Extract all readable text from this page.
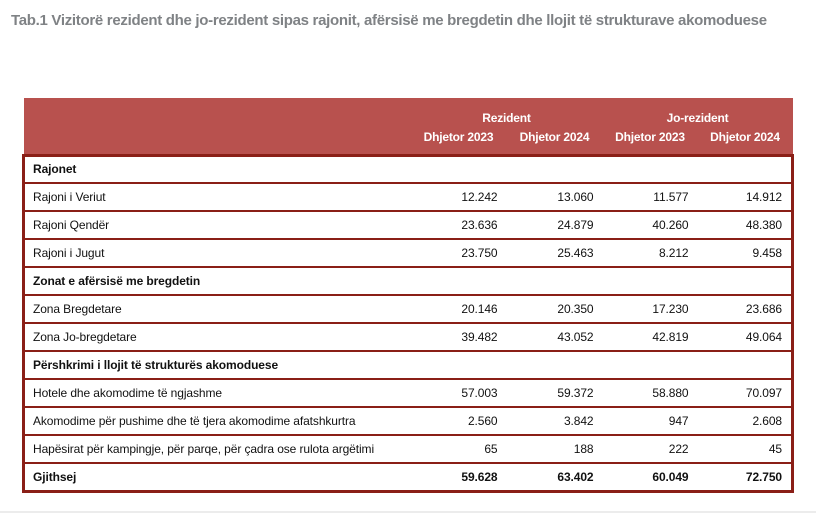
Tab.1 Vizitorë rezident dhe jo-rezident sipas rajonit, afërsisë me bregdetin dhe llojit të strukturave akomoduese
	Rezident		Jo-rezident	
	Dhjetor 2023	Dhjetor 2024	Dhjetor 2023	Dhjetor 2024
Rajonet				
Rajoni i Veriut	12.242	13.060	11.577	14.912
Rajoni Qendër	23.636	24.879	40.260	48.380
Rajoni i Jugut	23.750	25.463	8.212	9.458
Zonat e afërsisë me bregdetin				
Zona Bregdetare	20.146	20.350	17.230	23.686
Zona Jo-bregdetare	39.482	43.052	42.819	49.064
Përshkrimi i llojit të strukturës akomoduese				
Hotele dhe akomodime të ngjashme	57.003	59.372	58.880	70.097
Akomodime për pushime dhe të tjera akomodime afatshkurtra	2.560	3.842	947	2.608
Hapësirat për kampingje, për parqe, për çadra ose rulota argëtimi	65	188	222	45
Gjithsej	59.628	63.402	60.049	72.750
